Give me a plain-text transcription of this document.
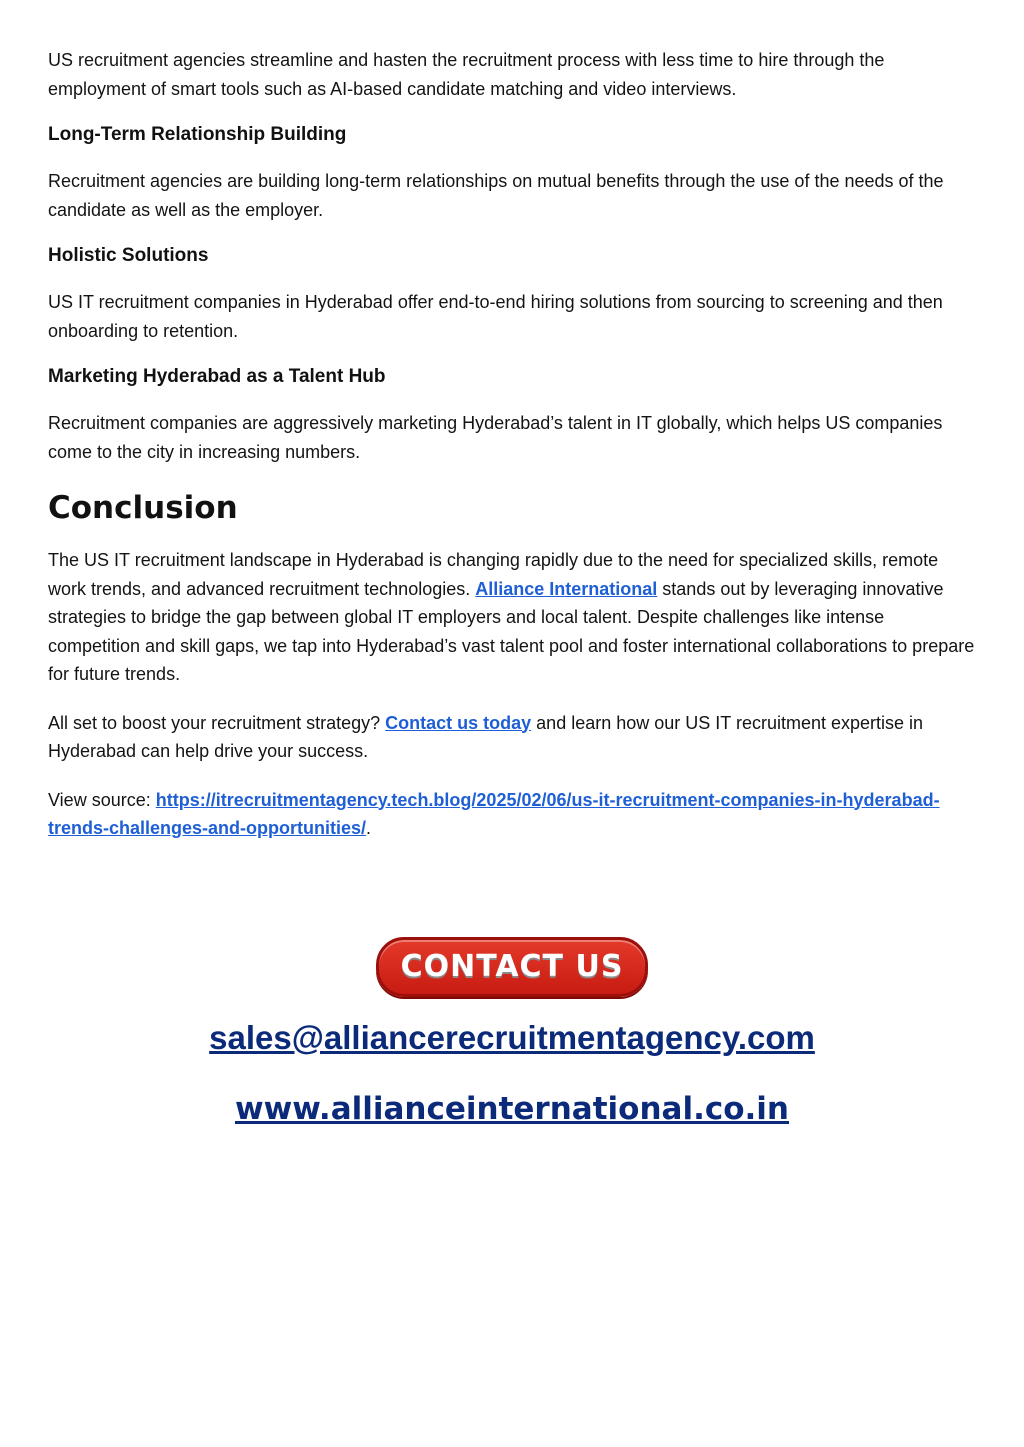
US recruitment agencies streamline and hasten the recruitment process with less time to hire through the employment of smart tools such as AI-based candidate matching and video interviews.

Long-Term Relationship Building

Recruitment agencies are building long-term relationships on mutual benefits through the use of the needs of the candidate as well as the employer.

Holistic Solutions

US IT recruitment companies in Hyderabad offer end-to-end hiring solutions from sourcing to screening and then onboarding to retention.

Marketing Hyderabad as a Talent Hub

Recruitment companies are aggressively marketing Hyderabad’s talent in IT globally, which helps US companies come to the city in increasing numbers.

Conclusion

The US IT recruitment landscape in Hyderabad is changing rapidly due to the need for specialized skills, remote work trends, and advanced recruitment technologies. Alliance International stands out by leveraging innovative strategies to bridge the gap between global IT employers and local talent. Despite challenges like intense competition and skill gaps, we tap into Hyderabad’s vast talent pool and foster international collaborations to prepare for future trends.

All set to boost your recruitment strategy? Contact us today and learn how our US IT recruitment expertise in Hyderabad can help drive your success.

View source: https://itrecruitmentagency.tech.blog/2025/02/06/us-it-recruitment-companies-in-hyderabad-trends-challenges-and-opportunities/.

CONTACT US
sales@alliancerecruitmentagency.com
www.allianceinternational.co.in
